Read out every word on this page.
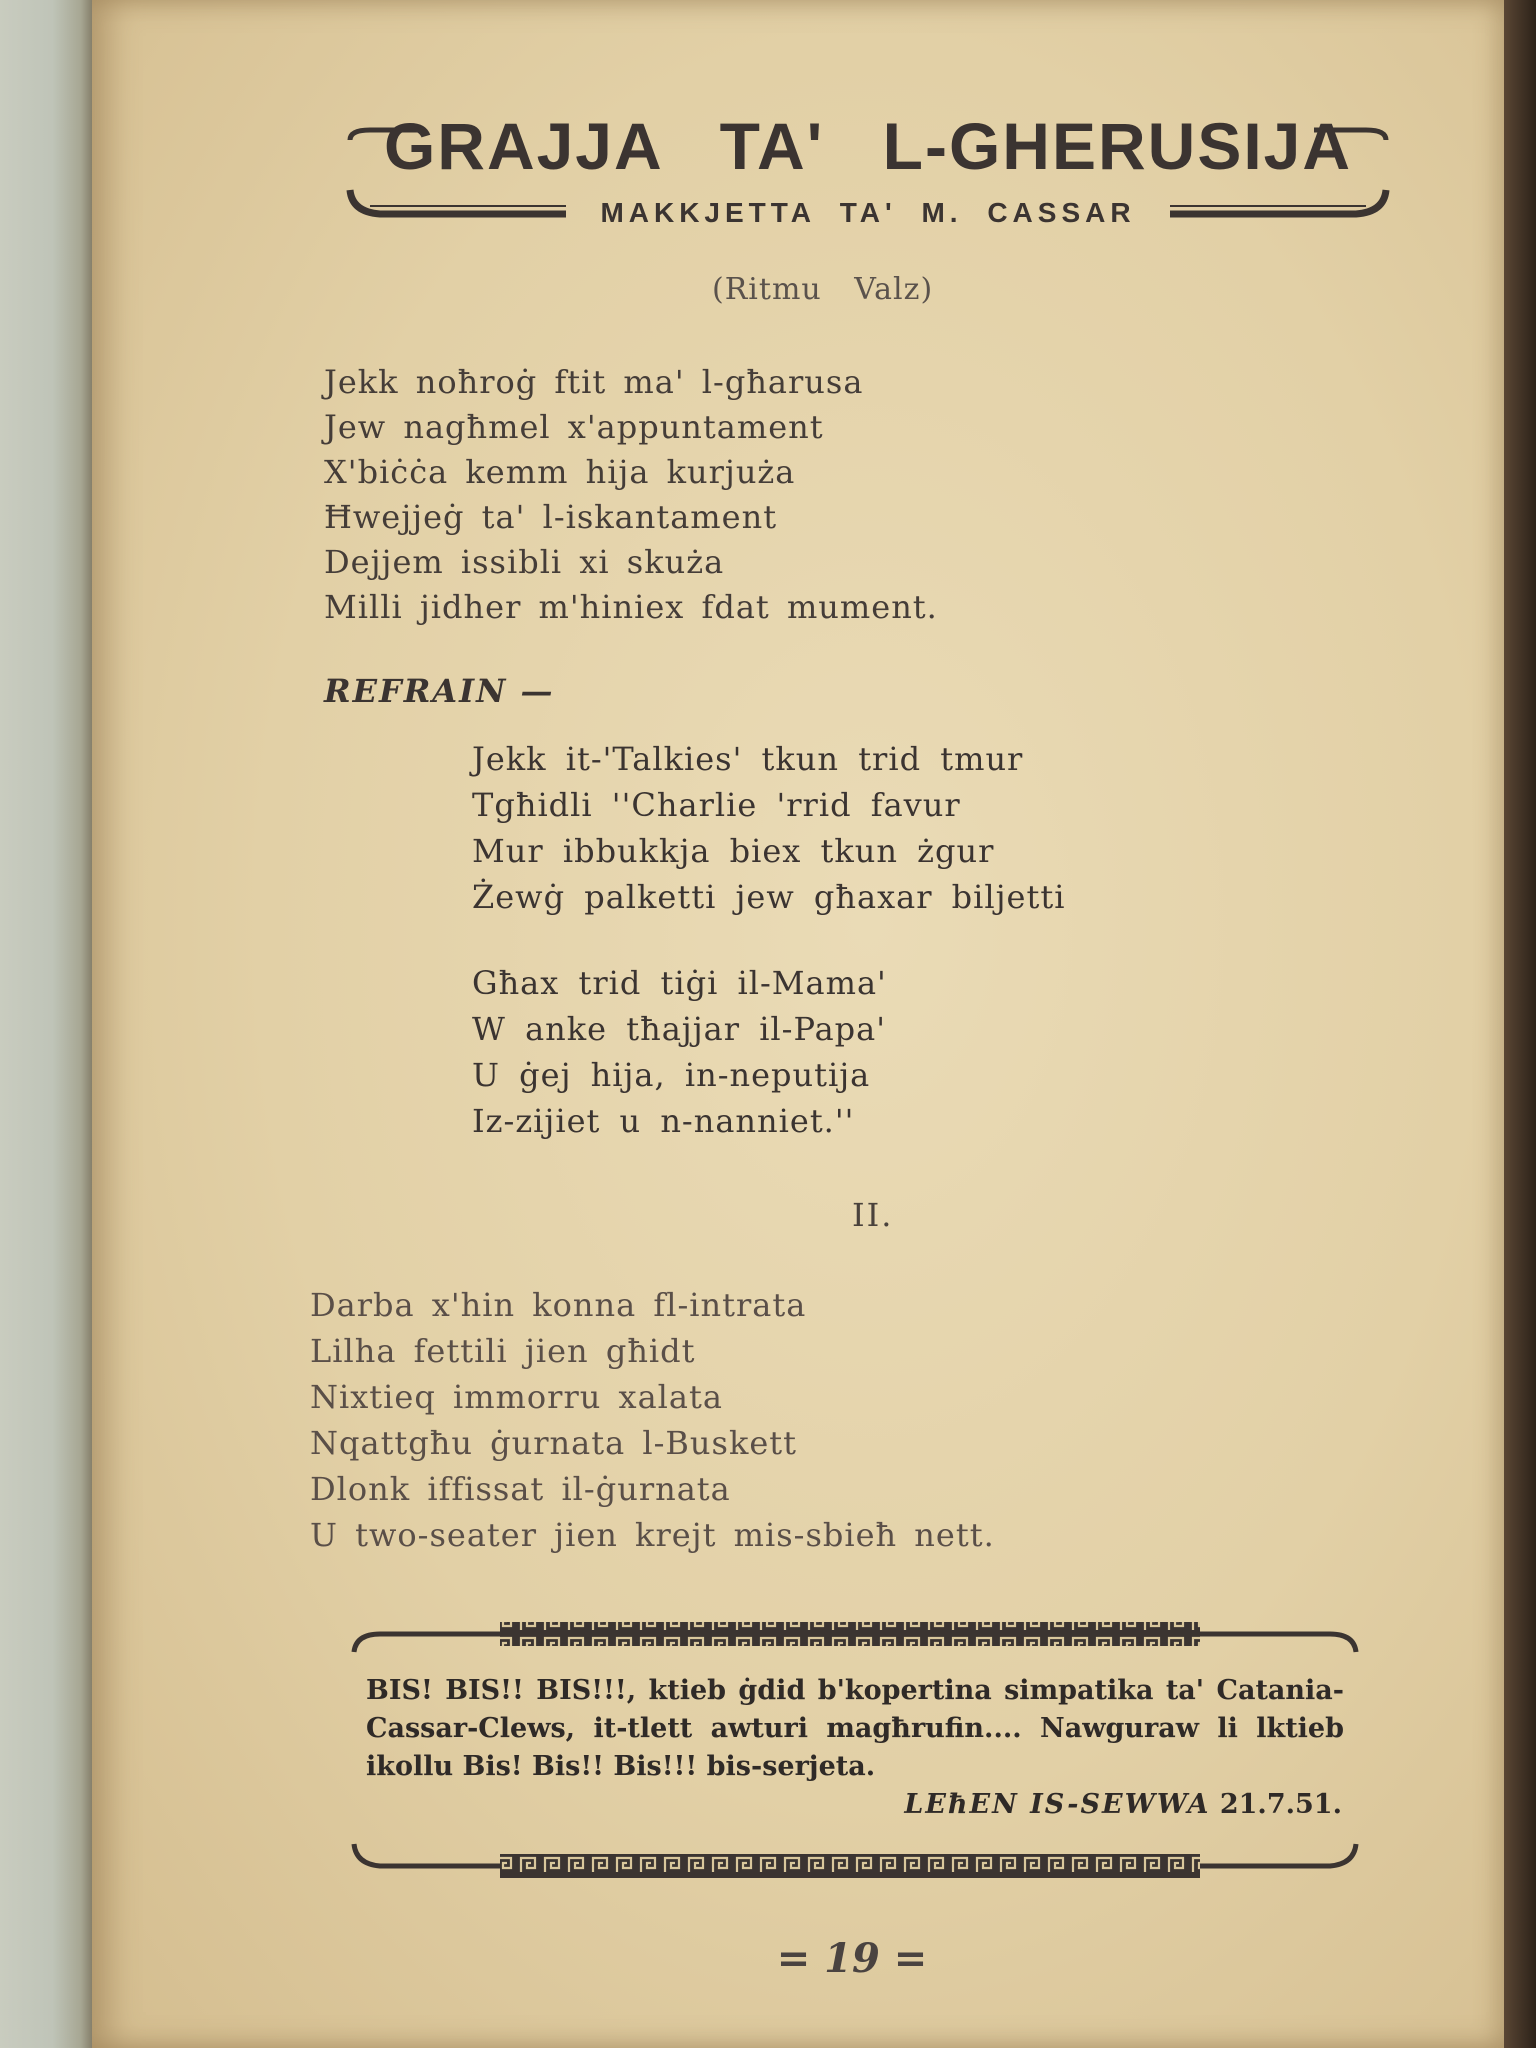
GRAJJA TA' L-GHERUSIJA
MAKKJETTA TA' M. CASSAR
(Ritmu Valz)
Jekk noħroġ ftit ma' l-għarusa
Jew nagħmel x'appuntament
X'biċċa kemm hija kurjuża
Ħwejjeġ ta' l-iskantament
Dejjem issibli xi skuża
Milli jidher m'hiniex fdat mument.
REFRAIN —
Jekk it-'Talkies' tkun trid tmur
Tgħidli ''Charlie 'rrid favur
Mur ibbukkja biex tkun żgur
Żewġ palketti jew għaxar biljetti
Għax trid tiġi il-Mama'
W anke tħajjar il-Papa'
U ġej hija, in-neputija
Iz-zijiet u n-nanniet.''
II.
Darba x'hin konna fl-intrata
Lilha fettili jien għidt
Nixtieq immorru xalata
Nqattgħu ġurnata l-Buskett
Dlonk iffissat il-ġurnata
U two-seater jien krejt mis-sbieħ nett.
BIS! BIS!! BIS!!!, ktieb ġdid b'kopertina simpatika ta' Catania-Cassar-Clews, it-tlett awturi magħrufin.... Nawguraw li lktieb ikollu Bis! Bis!! Bis!!! bis-serjeta.
LEħEN IS-SEWWA 21.7.51.
= 19 =
